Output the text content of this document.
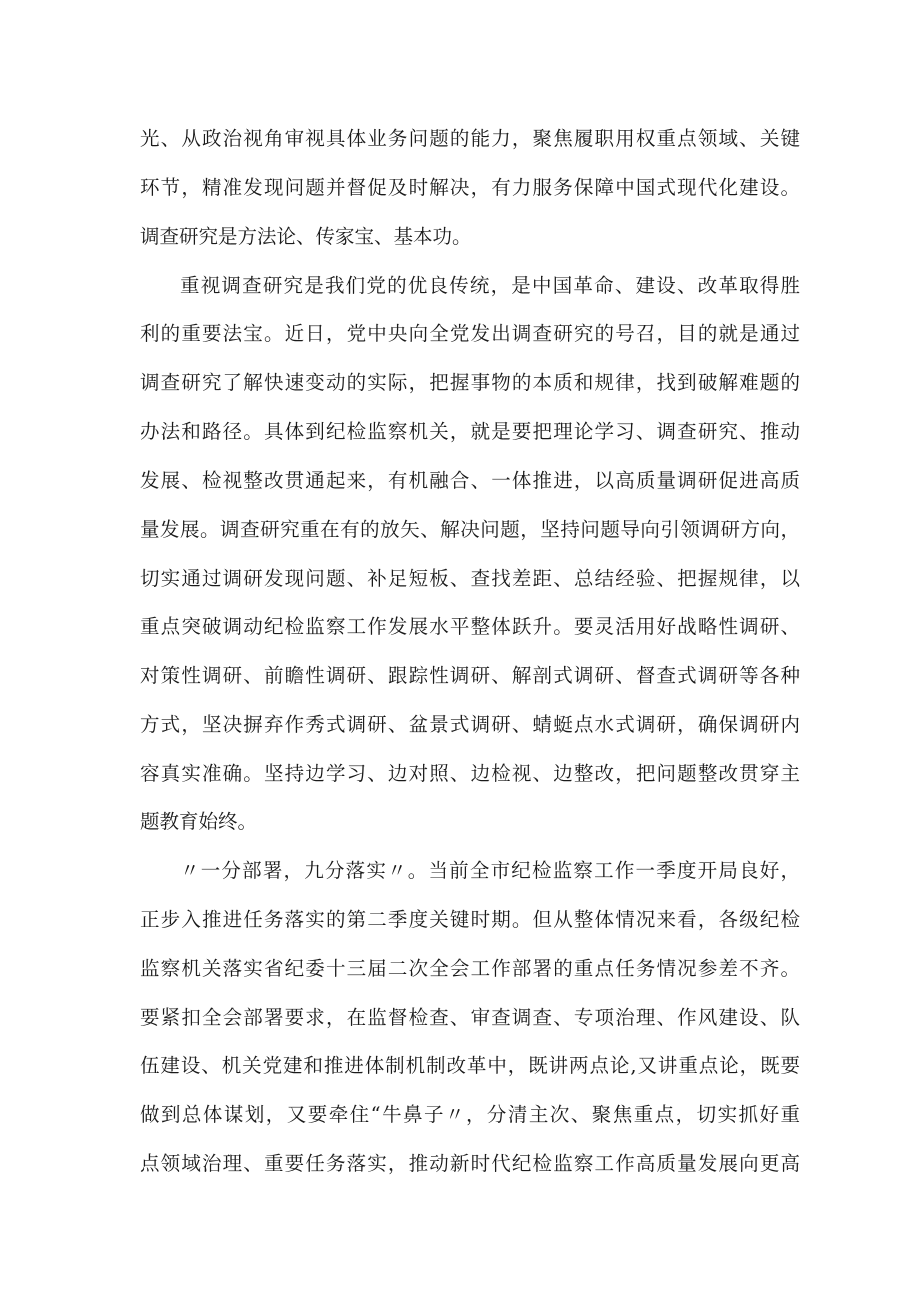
光、从政治视角审视具体业务问题的能力，聚焦履职用权重点领域、关键
环节，精准发现问题并督促及时解决，有力服务保障中国式现代化建设。
调查研究是方法论、传家宝、基本功。
重视调查研究是我们党的优良传统，是中国革命、建设、改革取得胜
利的重要法宝。近日，党中央向全党发出调查研究的号召，目的就是通过
调查研究了解快速变动的实际，把握事物的本质和规律，找到破解难题的
办法和路径。具体到纪检监察机关，就是要把理论学习、调查研究、推动
发展、检视整改贯通起来，有机融合、一体推进，以高质量调研促进高质
量发展。调查研究重在有的放矢、解决问题，坚持问题导向引领调研方向，
切实通过调研发现问题、补足短板、查找差距、总结经验、把握规律，以
重点突破调动纪检监察工作发展水平整体跃升。要灵活用好战略性调研、
对策性调研、前瞻性调研、跟踪性调研、解剖式调研、督查式调研等各种
方式，坚决摒弃作秀式调研、盆景式调研、蜻蜓点水式调研，确保调研内
容真实准确。坚持边学习、边对照、边检视、边整改，把问题整改贯穿主
题教育始终。
〃一分部署，九分落实〃。当前全市纪检监察工作一季度开局良好，
正步入推进任务落实的第二季度关键时期。但从整体情况来看，各级纪检
监察机关落实省纪委十三届二次全会工作部署的重点任务情况参差不齐。
要紧扣全会部署要求，在监督检查、审查调查、专项治理、作风建设、队
伍建设、机关党建和推进体制机制改革中，既讲两点论,又讲重点论，既要
做到总体谋划，又要牵住“牛鼻子〃，分清主次、聚焦重点，切实抓好重
点领域治理、重要任务落实，推动新时代纪检监察工作高质量发展向更高
